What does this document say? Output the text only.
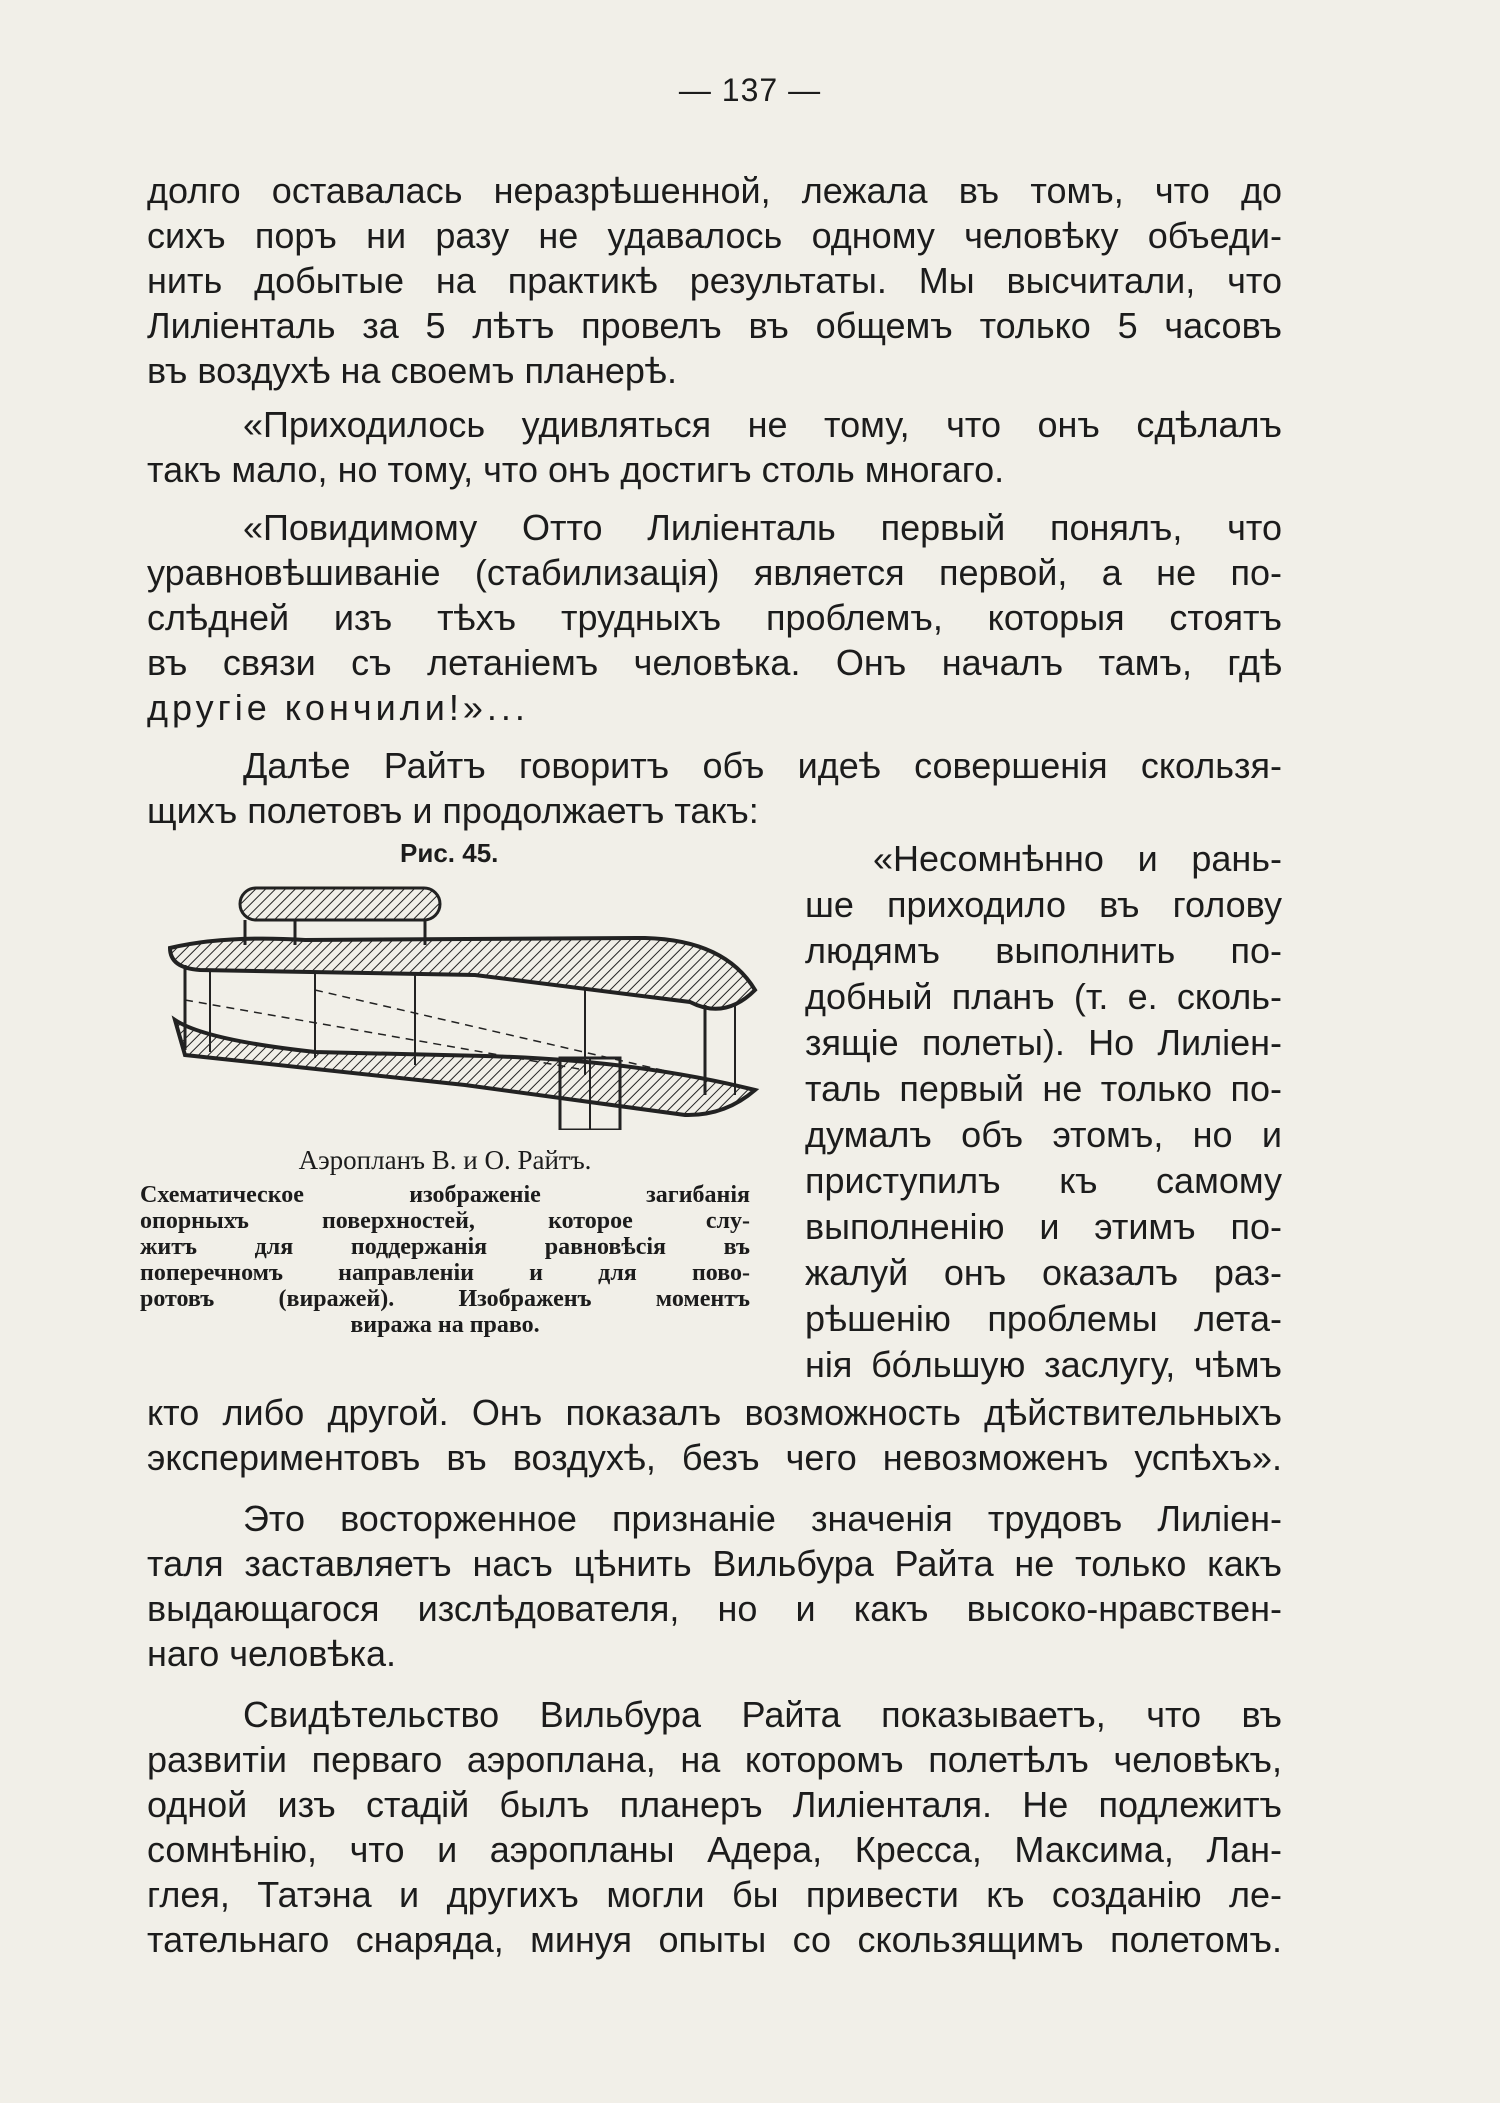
— 137 —
долго оставалась неразрѣшенной, лежала въ томъ, что до
сихъ поръ ни разу не удавалось одному человѣку объеди-
нить добытые на практикѣ результаты. Мы высчитали, что
Лиліенталь за 5 лѣтъ провелъ въ общемъ только 5 часовъ
въ воздухѣ на своемъ планерѣ.
«Приходилось удивляться не тому, что онъ сдѣлалъ
такъ мало, но тому, что онъ достигъ столь многаго.
«Повидимому Отто Лиліенталь первый понялъ, что
уравновѣшиваніе (стабилизація) является первой, а не по-
слѣдней изъ тѣхъ трудныхъ проблемъ, которыя стоятъ
въ связи съ летаніемъ человѣка. Онъ началъ тамъ, гдѣ
другіе кончили!»...
Далѣе Райтъ говоритъ объ идеѣ совершенія скользя-
щихъ полетовъ и продолжаетъ такъ:
Рис. 45.
Аэропланъ В. и О. Райтъ.
Схематическое изображеніе загибанія
опорныхъ поверхностей, которое слу-
житъ для поддержанія равновѣсія въ
поперечномъ направленіи и для пово-
ротовъ (виражей). Изображенъ моментъ
виража на право.
«Несомнѣнно и рань-
ше приходило въ голову
людямъ выполнить по-
добный планъ (т. е. сколь-
зящіе полеты). Но Лиліен-
таль первый не только по-
думалъ объ этомъ, но и
приступилъ къ самому
выполненію и этимъ по-
жалуй онъ оказалъ раз-
рѣшенію проблемы лета-
нія бо́льшую заслугу, чѣмъ
кто либо другой. Онъ показалъ возможность дѣйствительныхъ
экспериментовъ въ воздухѣ, безъ чего невозможенъ успѣхъ».
Это восторженное признаніе значенія трудовъ Лиліен-
таля заставляетъ насъ цѣнить Вильбура Райта не только какъ
выдающагося изслѣдователя, но и какъ высоко-нравствен-
наго человѣка.
Свидѣтельство Вильбура Райта показываетъ, что въ
развитіи перваго аэроплана, на которомъ полетѣлъ человѣкъ,
одной изъ стадій былъ планеръ Лиліенталя. Не подлежитъ
сомнѣнію, что и аэропланы Адера, Кресса, Максима, Лан-
глея, Татэна и другихъ могли бы привести къ созданію ле-
тательнаго снаряда, минуя опыты со скользящимъ полетомъ.
